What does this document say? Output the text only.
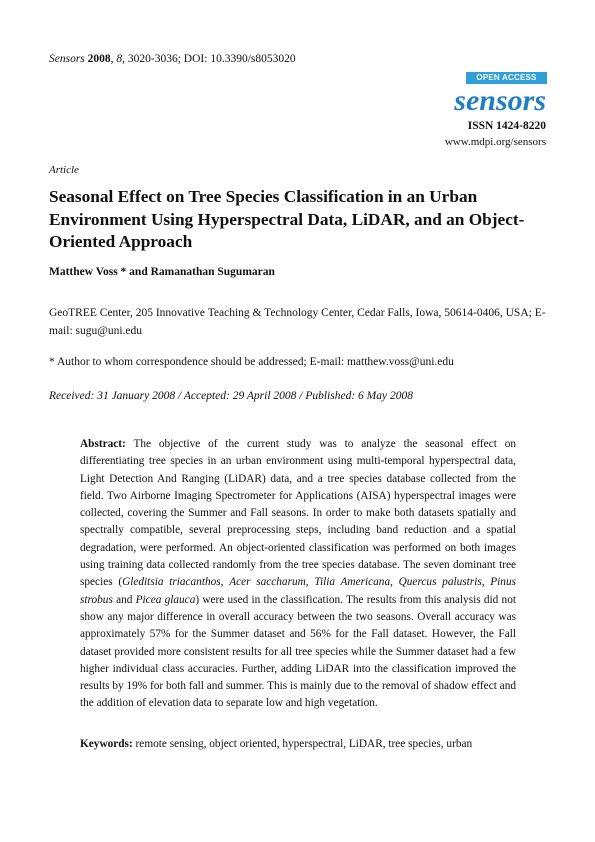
Sensors 2008, 8, 3020-3036; DOI: 10.3390/s8053020
OPEN ACCESS
sensors
ISSN 1424-8220
www.mdpi.org/sensors
Article
Seasonal Effect on Tree Species Classification in an Urban Environment Using Hyperspectral Data, LiDAR, and an Object-Oriented Approach
Matthew Voss * and Ramanathan Sugumaran
GeoTREE Center, 205 Innovative Teaching & Technology Center, Cedar Falls, Iowa, 50614-0406, USA; E-mail: sugu@uni.edu
* Author to whom correspondence should be addressed; E-mail: matthew.voss@uni.edu
Received: 31 January 2008 / Accepted: 29 April 2008 / Published: 6 May 2008

Abstract: The objective of the current study was to analyze the seasonal effect on differentiating tree species in an urban environment using multi-temporal hyperspectral data, Light Detection And Ranging (LiDAR) data, and a tree species database collected from the field. Two Airborne Imaging Spectrometer for Applications (AISA) hyperspectral images were collected, covering the Summer and Fall seasons. In order to make both datasets spatially and spectrally compatible, several preprocessing steps, including band reduction and a spatial degradation, were performed. An object-oriented classification was performed on both images using training data collected randomly from the tree species database. The seven dominant tree species (Gleditsia triacanthos, Acer saccharum, Tilia Americana, Quercus palustris, Pinus strobus and Picea glauca) were used in the classification. The results from this analysis did not show any major difference in overall accuracy between the two seasons. Overall accuracy was approximately 57% for the Summer dataset and 56% for the Fall dataset. However, the Fall dataset provided more consistent results for all tree species while the Summer dataset had a few higher individual class accuracies. Further, adding LiDAR into the classification improved the results by 19% for both fall and summer. This is mainly due to the removal of shadow effect and the addition of elevation data to separate low and high vegetation.

Keywords: remote sensing, object oriented, hyperspectral, LiDAR, tree species, urban
